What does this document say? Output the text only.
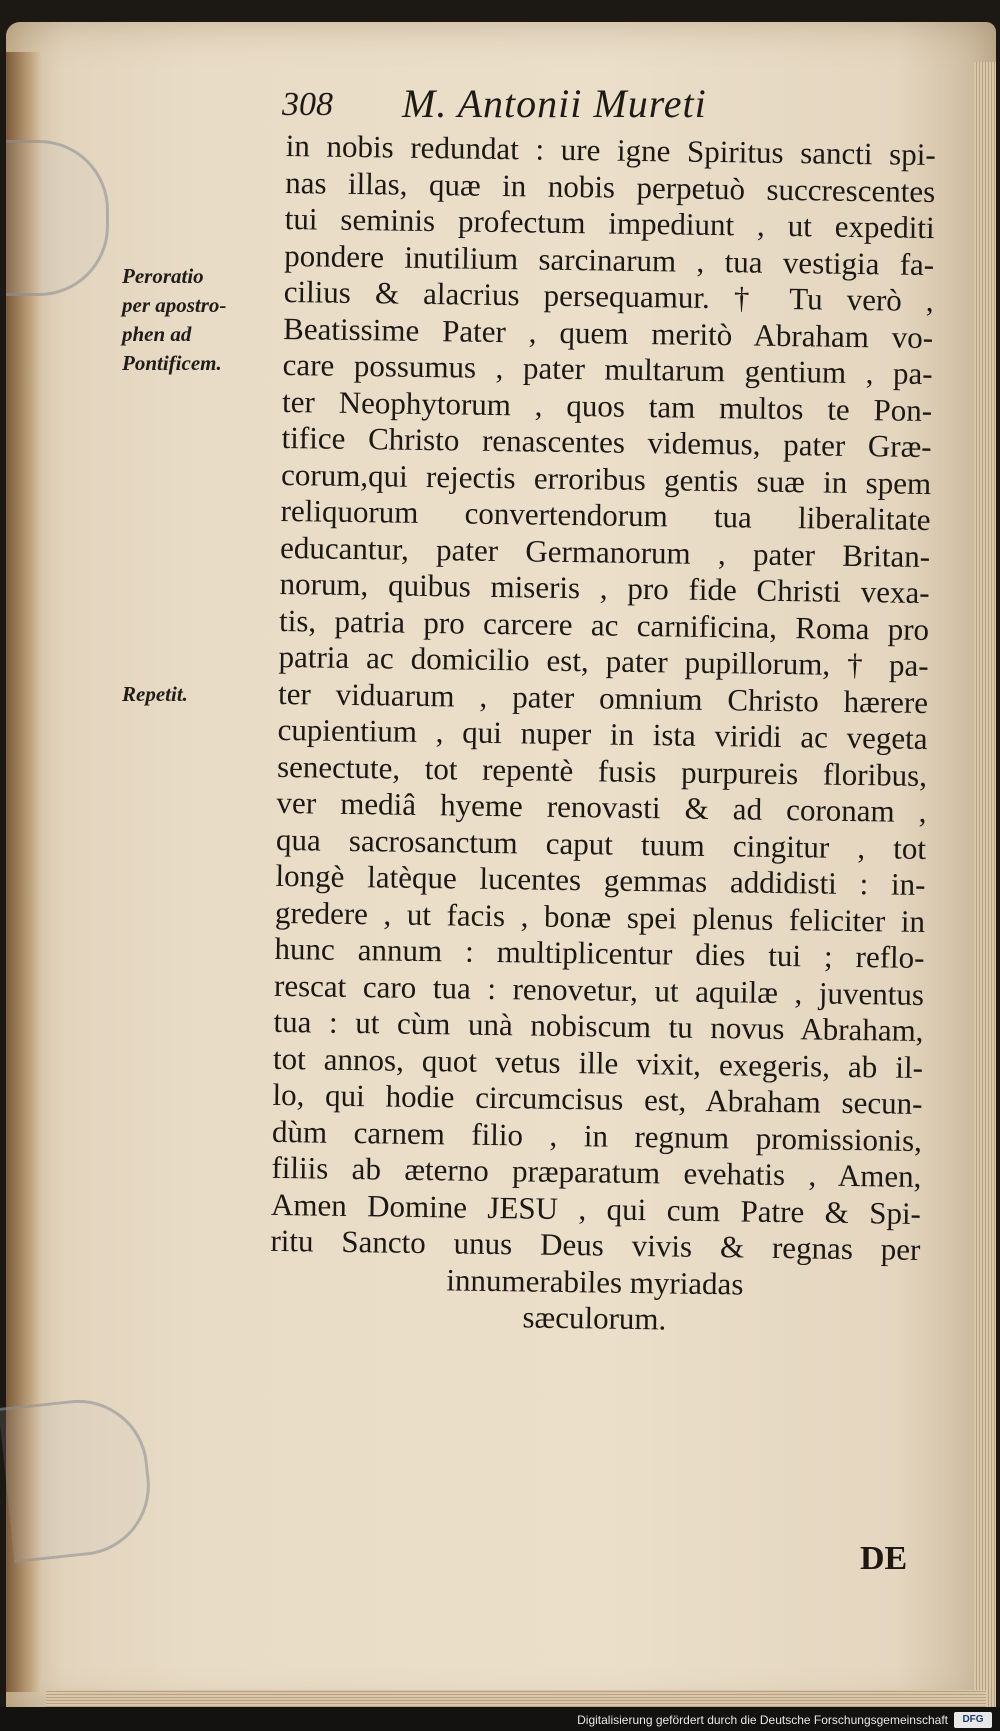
308 M. Antonii Mureti
Peroratio
per apostro-
phen ad
Pontificem.
Repetit.
in nobis redundat : ure igne Spiritus sancti spi-
nas illas, quæ in nobis perpetuò succrescentes
tui seminis profectum impediunt , ut expediti
pondere inutilium sarcinarum , tua vestigia fa-
cilius & alacrius persequamur. † Tu verò ,
Beatissime Pater , quem meritò Abraham vo-
care possumus , pater multarum gentium , pa-
ter Neophytorum , quos tam multos te Pon-
tifice Christo renascentes videmus, pater Græ-
corum,qui rejectis erroribus gentis suæ in spem
reliquorum convertendorum tua liberalitate
educantur, pater Germanorum , pater Britan-
norum, quibus miseris , pro fide Christi vexa-
tis, patria pro carcere ac carnificina, Roma pro
patria ac domicilio est, pater pupillorum, † pa-
ter viduarum , pater omnium Christo hærere
cupientium , qui nuper in ista viridi ac vegeta
senectute, tot repentè fusis purpureis floribus,
ver mediâ hyeme renovasti & ad coronam ,
qua sacrosanctum caput tuum cingitur , tot
longè latèque lucentes gemmas addidisti : in-
gredere , ut facis , bonæ spei plenus feliciter in
hunc annum : multiplicentur dies tui ; reflo-
rescat caro tua : renovetur, ut aquilæ , juventus
tua : ut cùm unà nobiscum tu novus Abraham,
tot annos, quot vetus ille vixit, exegeris, ab il-
lo, qui hodie circumcisus est, Abraham secun-
dùm carnem filio , in regnum promissionis,
filiis ab æterno præparatum evehatis , Amen,
Amen Domine JESU , qui cum Patre & Spi-
ritu Sancto unus Deus vivis & regnas per
innumerabiles myriadas
sæculorum.
DE
Digitalisierung gefördert durch die Deutsche Forschungsgemeinschaft	DFG
